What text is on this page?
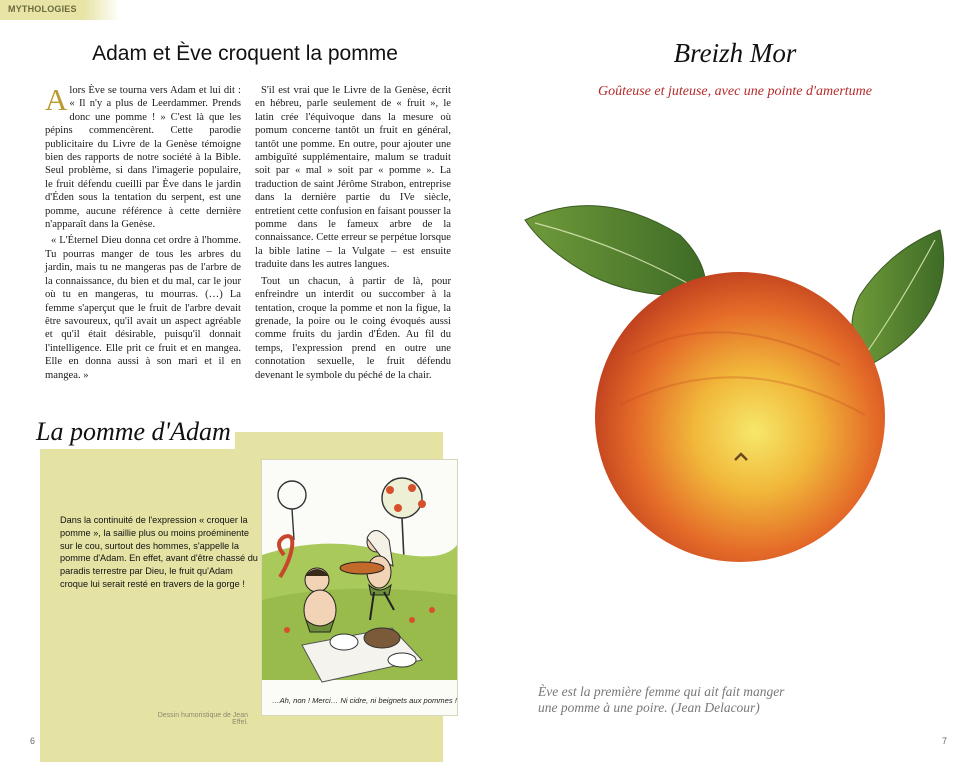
MYTHOLOGIES
Adam et Ève croquent la pomme

Alors Ève se tourna vers Adam et lui dit : « Il n'y a plus de Leerdammer. Prends donc une pomme ! » C'est là que les pépins commencèrent. Cette parodie publicitaire du Livre de la Genèse témoigne bien des rapports de notre société à la Bible. Seul problème, si dans l'imagerie populaire, le fruit défendu cueilli par Ève dans le jardin d'Éden sous la tentation du serpent, est une pomme, aucune référence à cette dernière n'apparaît dans la Genèse.

« L'Éternel Dieu donna cet ordre à l'homme. Tu pourras manger de tous les arbres du jardin, mais tu ne mangeras pas de l'arbre de la connaissance, du bien et du mal, car le jour où tu en mangeras, tu mourras. (…) La femme s'aperçut que le fruit de l'arbre devait être savoureux, qu'il avait un aspect agréable et qu'il était désirable, puisqu'il donnait l'intelligence. Elle prit ce fruit et en mangea. Elle en donna aussi à son mari et il en mangea. »

S'il est vrai que le Livre de la Genèse, écrit en hébreu, parle seulement de « fruit », le latin crée l'équivoque dans la mesure où pomum concerne tantôt un fruit en général, tantôt une pomme. En outre, pour ajouter une ambiguïté supplémentaire, malum se traduit soit par « mal » soit par « pomme ». La traduction de saint Jérôme Strabon, entreprise dans la dernière partie du IVe siècle, entretient cette confusion en faisant pousser la pomme dans le fameux arbre de la connaissance. Cette erreur se perpétue lorsque la bible latine – la Vulgate – est ensuite traduite dans les autres langues.

Tout un chacun, à partir de là, pour enfreindre un interdit ou succomber à la tentation, croque la pomme et non la figue, la grenade, la poire ou le coing évoqués aussi comme fruits du jardin d'Éden. Au fil du temps, l'expression prend en outre une connotation sexuelle, le fruit défendu devenant le symbole du péché de la chair.

La pomme d'Adam
Dans la continuité de l'expression « croquer la pomme », la saillie plus ou moins proéminente sur le cou, surtout des hommes, s'appelle la pomme d'Adam. En effet, avant d'être chassé du paradis terrestre par Dieu, le fruit qu'Adam croque lui serait resté en travers de la gorge !
…Ah, non ! Merci… Ni cidre, ni beignets aux pommes !
Dessin humoristique de Jean Effel.
6
Breizh Mor
Goûteuse et juteuse, avec une pointe d'amertume
Ève est la première femme qui ait fait manger
une pomme à une poire. (Jean Delacour)
7
